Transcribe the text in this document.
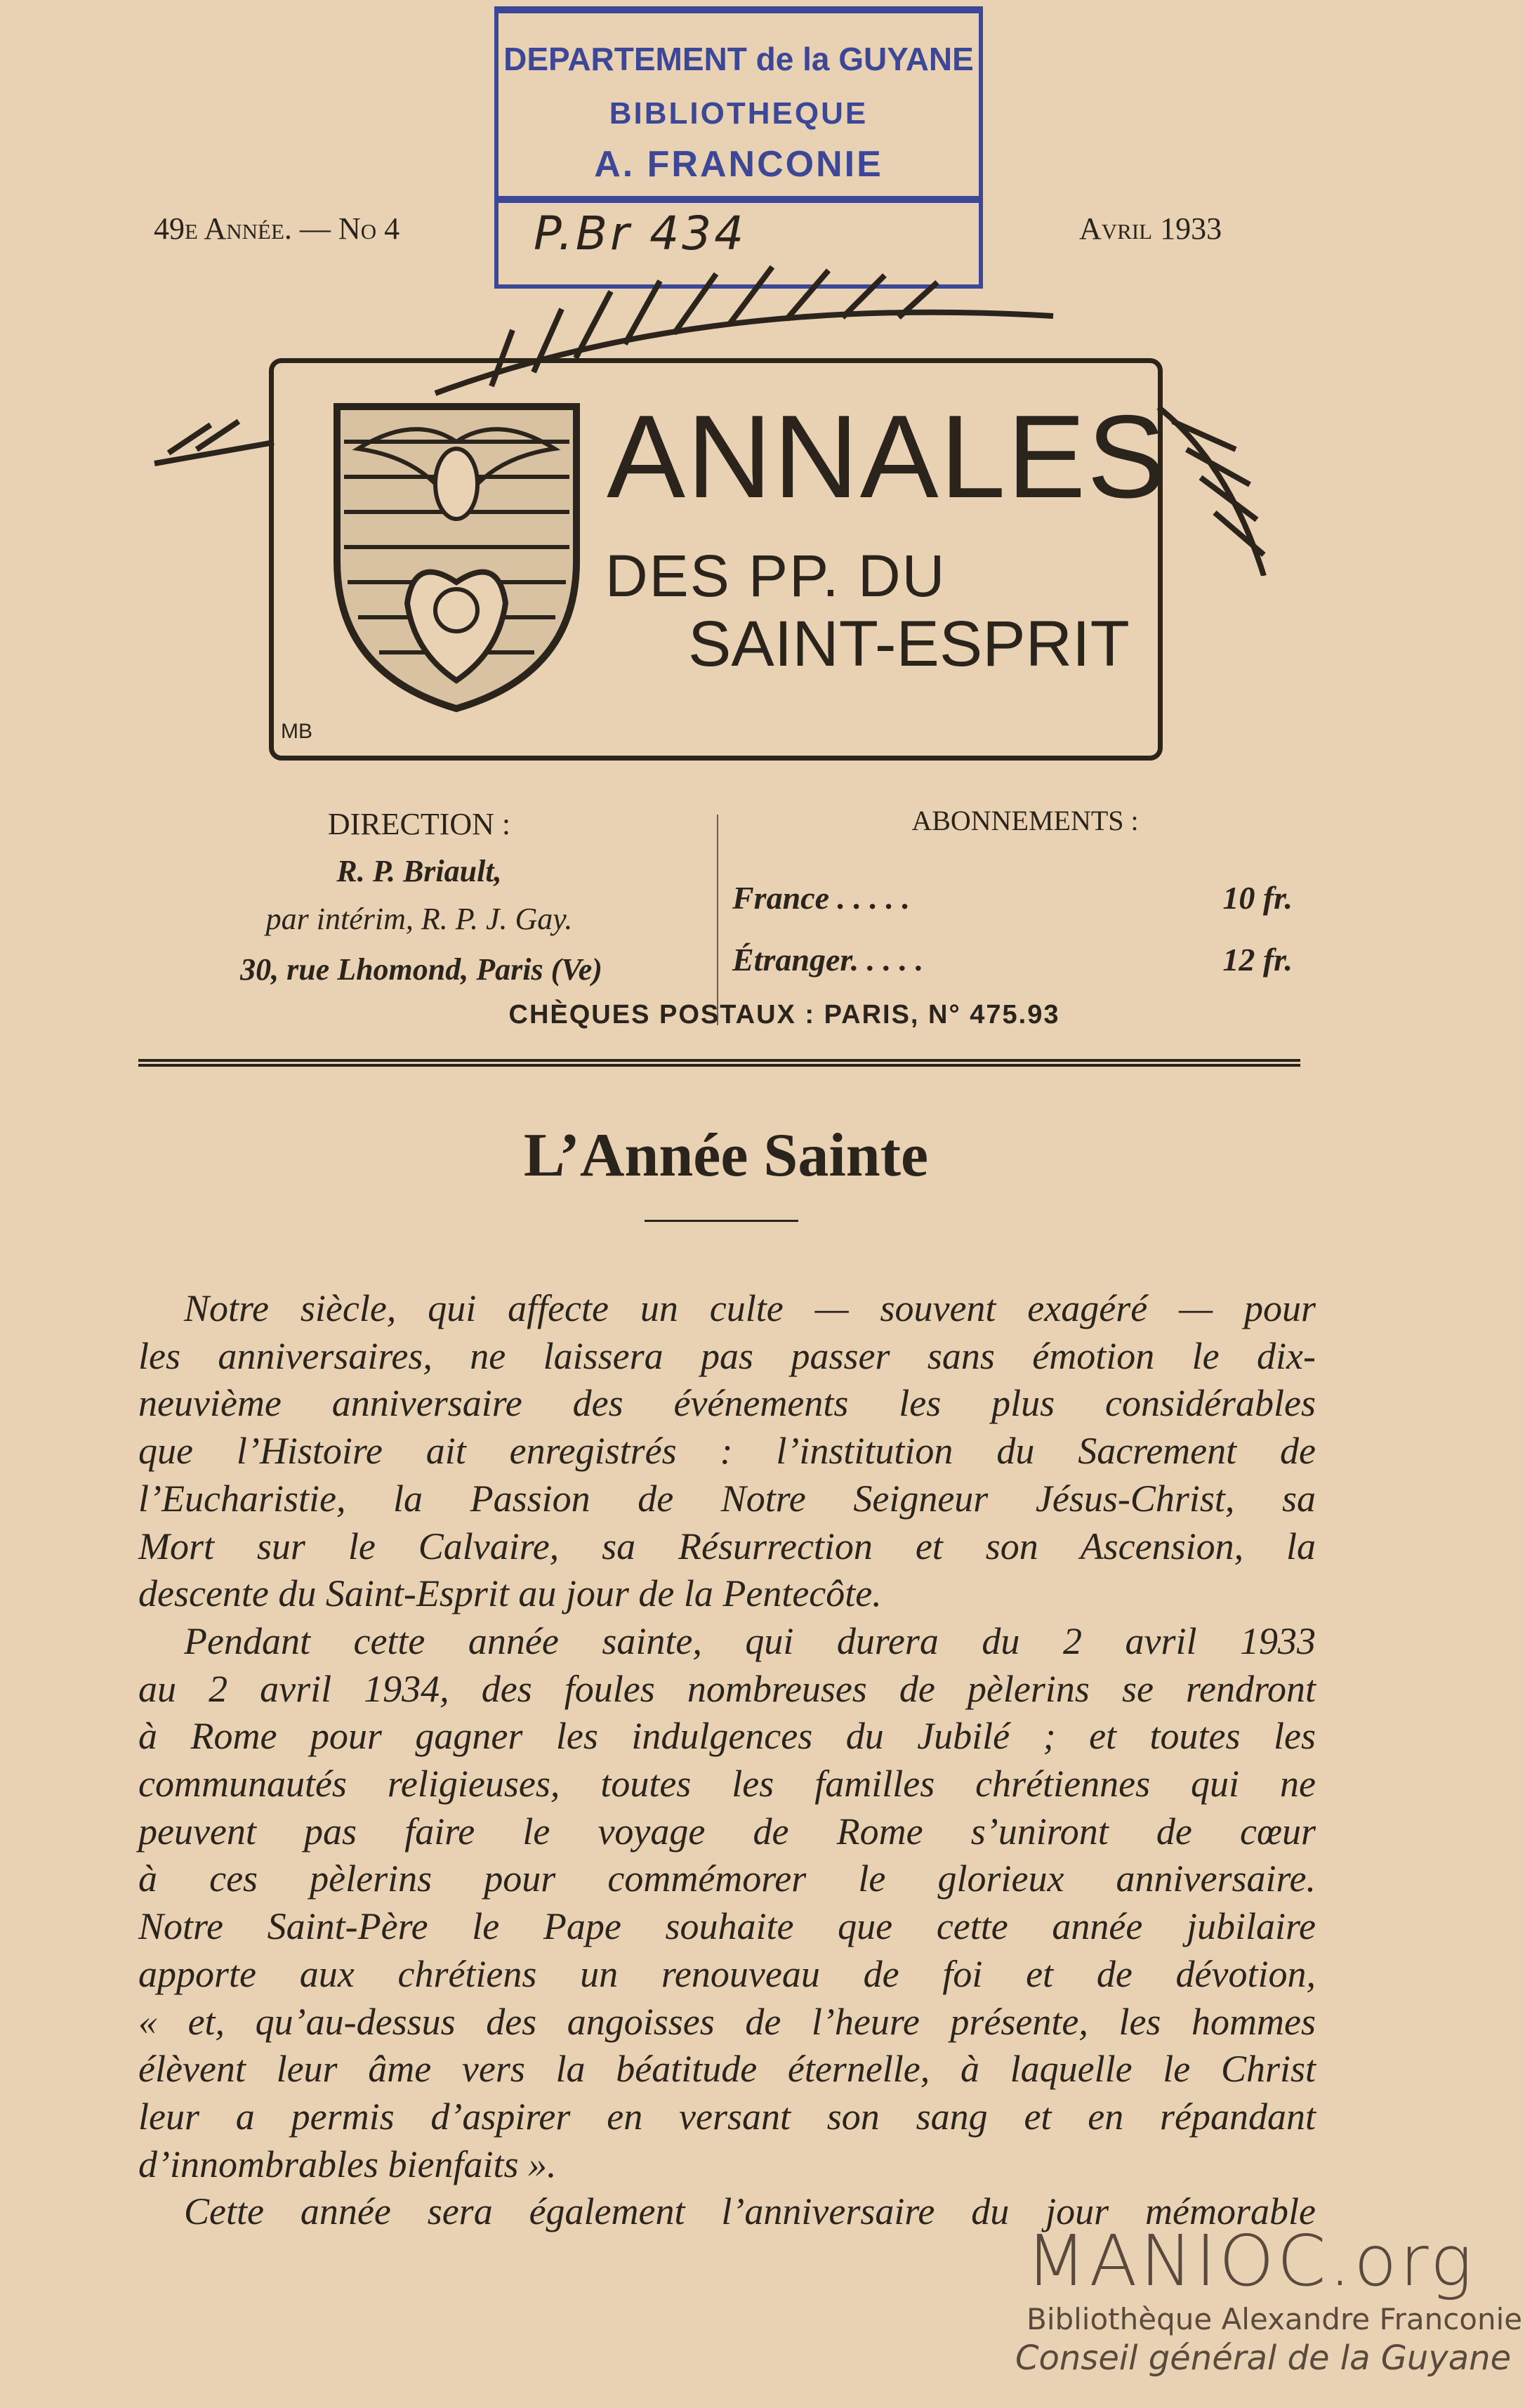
DEPARTEMENT de la GUYANE
BIBLIOTHEQUE
A. FRANCONIE
P.Br 434
49e Année. — No 4	Avril 1933
MB
ANNALES
DES PP. DU
SAINT-ESPRIT
DIRECTION :
R. P. Briault,
par intérim, R. P. J. Gay.
30, rue Lhomond, Paris (Ve)
ABONNEMENTS :
France . . . . .	10 fr.
Étranger. . . . .	12 fr.
CHÈQUES POSTAUX : PARIS, N° 475.93
L’Année Sainte
Notre siècle, qui affecte un culte — souvent exagéré — pour
les anniversaires, ne laissera pas passer sans émotion le dix-
neuvième anniversaire des événements les plus considérables
que l’Histoire ait enregistrés : l’institution du Sacrement de
l’Eucharistie, la Passion de Notre Seigneur Jésus-Christ, sa
Mort sur le Calvaire, sa Résurrection et son Ascension, la
descente du Saint-Esprit au jour de la Pentecôte.
Pendant cette année sainte, qui durera du 2 avril 1933
au 2 avril 1934, des foules nombreuses de pèlerins se rendront
à Rome pour gagner les indulgences du Jubilé ; et toutes les
communautés religieuses, toutes les familles chrétiennes qui ne
peuvent pas faire le voyage de Rome s’uniront de cœur
à ces pèlerins pour commémorer le glorieux anniversaire.
Notre Saint-Père le Pape souhaite que cette année jubilaire
apporte aux chrétiens un renouveau de foi et de dévotion,
« et, qu’au-dessus des angoisses de l’heure présente, les hommes
élèvent leur âme vers la béatitude éternelle, à laquelle le Christ
leur a permis d’aspirer en versant son sang et en répandant
d’innombrables bienfaits ».
Cette année sera également l’anniversaire du jour mémorable
MANIOC.org
Bibliothèque Alexandre Franconie
Conseil général de la Guyane
